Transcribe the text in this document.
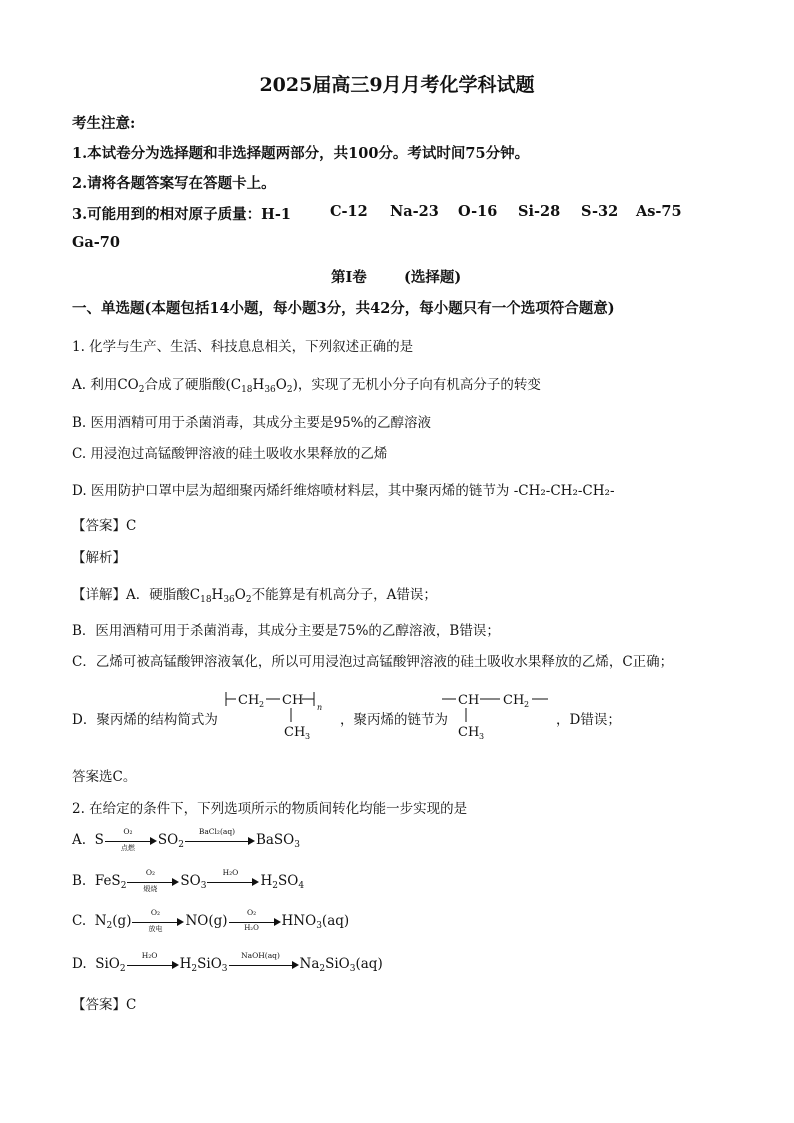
2025届高三9月月考化学科试题
考生注意:
1.本试卷分为选择题和非选择题两部分，共100分。考试时间75分钟。
2.请将各题答案写在答题卡上。
3.可能用到的相对原子质量：H-1	C-12 Na-23 O-16 Si-28 S-32 As-75
Ga-70
第Ⅰ卷	(选择题)
一、单选题(本题包括14小题，每小题3分，共42分，每小题只有一个选项符合题意)
1. 化学与生产、生活、科技息息相关，下列叙述正确的是
A. 利用$CO_2$合成了硬脂酸$(C_{18}H_{36}O_2)$，实现了无机小分子向有机高分子的转变
B. 医用酒精可用于杀菌消毒，其成分主要是95%的乙醇溶液
C. 用浸泡过高锰酸钾溶液的硅土吸收水果释放的乙烯
D. 医用防护口罩中层为超细聚丙烯纤维熔喷材料层，其中聚丙烯的链节为 -CH₂-CH₂-CH₂-
【答案】C
【解析】
【详解】A．硬脂酸$C_{18}H_{36}O_2$不能算是有机高分子，A错误；
B．医用酒精可用于杀菌消毒，其成分主要是75%的乙醇溶液，B错误；
C．乙烯可被高锰酸钾溶液氧化，所以可用浸泡过高锰酸钾溶液的硅土吸收水果释放的乙烯，C正确；
D．聚丙烯的结构简式为
CH 2 CH n
CH 3
，聚丙烯的链节为
CH CH 2
CH 3
，D错误；
答案选C。
2. 在给定的条件下，下列选项所示的物质间转化均能一步实现的是
A. S
O₂
点燃	$SO_2$
BaCl₂(aq)
BaSO$_3$
B. FeS$_2$
O₂
煅烧	$SO_3$
H₂O
$H_2SO_4$
C. $N_2(g)$
O₂
放电	$NO(g) \frac{\text{O₂}}{\text{H₂O}} HNO_3(aq)$
D. SiO$_2$
H₂O
$H_2SiO_3$
NaOH(aq)
$Na_2SiO_3(aq)$
【答案】C
